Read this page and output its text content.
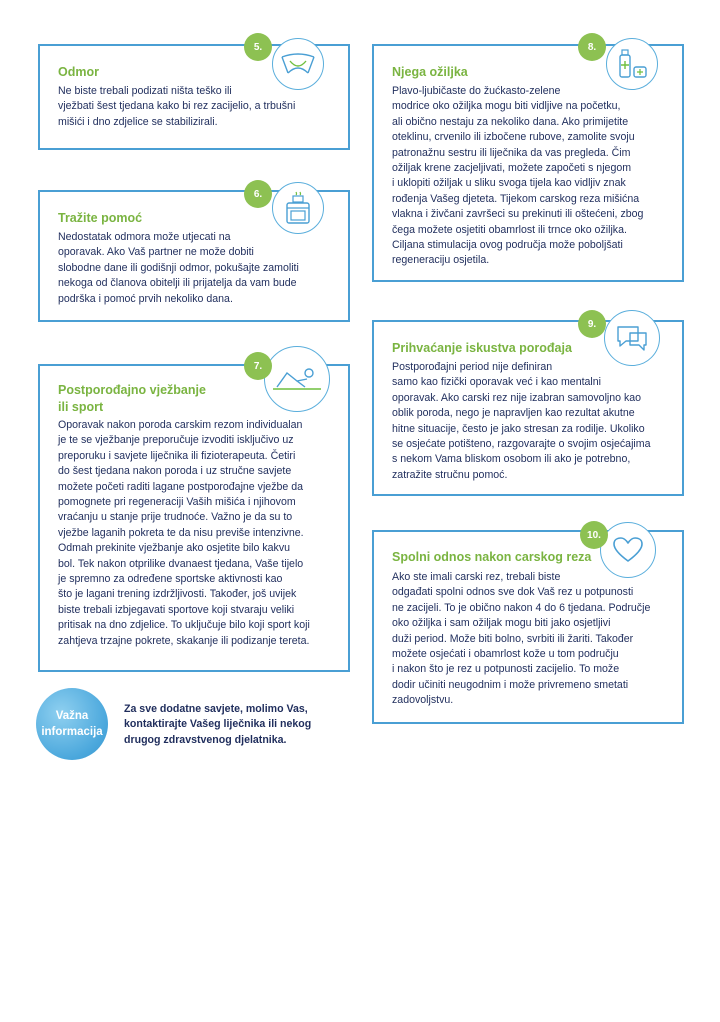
5.
Odmor

Ne biste trebali podizati ništa teško ili
vježbati šest tjedana kako bi rez zacijelio, a trbušni
mišići i dno zdjelice se stabilizirali.

6.
Tražite pomoć

Nedostatak odmora može utjecati na
oporavak. Ako Vaš partner ne može dobiti
slobodne dane ili godišnji odmor, pokušajte zamoliti
nekoga od članova obitelji ili prijatelja da vam bude
podrška i pomoć prvih nekoliko dana.

7.
Postporođajno vježbanje
ili sport

Oporavak nakon poroda carskim rezom individualan
je te se vježbanje preporučuje izvoditi isključivo uz
preporuku i savjete liječnika ili fizioterapeuta. Četiri
do šest tjedana nakon poroda i uz stručne savjete
možete početi raditi lagane postporođajne vježbe da
pomognete pri regeneraciji Vaših mišića i njihovom
vraćanju u stanje prije trudnoće. Važno je da su to
vježbe laganih pokreta te da nisu previše intenzivne.
Odmah prekinite vježbanje ako osjetite bilo kakvu
bol. Tek nakon otprilike dvanaest tjedana, Vaše tijelo
je spremno za određene sportske aktivnosti kao
što je lagani trening izdržljivosti. Također, još uvijek
biste trebali izbjegavati sportove koji stvaraju veliki
pritisak na dno zdjelice. To uključuje bilo koji sport koji
zahtjeva trzajne pokrete, skakanje ili podizanje tereta.

8.
Njega ožiljka

Plavo-ljubičaste do žućkasto-zelene
modrice oko ožiljka mogu biti vidljive na početku,
ali obično nestaju za nekoliko dana. Ako primijetite
oteklinu, crvenilo ili izbočene rubove, zamolite svoju
patronažnu sestru ili liječnika da vas pregleda. Čim
ožiljak krene zacjeljivati, možete započeti s njegom
i uklopiti ožiljak u sliku svoga tijela kao vidljiv znak
rođenja Vašeg djeteta. Tijekom carskog reza mišićna
vlakna i živčani završeci su prekinuti ili oštećeni, zbog
čega možete osjetiti obamrlost ili trnce oko ožiljka.
Ciljana stimulacija ovog područja može poboljšati
regeneraciju osjetila.

9.
Prihvaćanje iskustva porođaja

Postporođajni period nije definiran
samo kao fizički oporavak već i kao mentalni
oporavak. Ako carski rez nije izabran samovoljno kao
oblik poroda, nego je napravljen kao rezultat akutne
hitne situacije, često je jako stresan za rodilje. Ukoliko
se osjećate potišteno, razgovarajte o svojim osjećajima
s nekom Vama bliskom osobom ili ako je potrebno,
zatražite stručnu pomoć.

10.
Spolni odnos nakon carskog reza

Ako ste imali carski rez, trebali biste
odgađati spolni odnos sve dok Vaš rez u potpunosti
ne zacijeli. To je obično nakon 4 do 6 tjedana. Područje
oko ožiljka i sam ožiljak mogu biti jako osjetljivi
duži period. Može biti bolno, svrbiti ili žariti. Također
možete osjećati i obamrlost kože u tom području
i nakon što je rez u potpunosti zacijelio. To može
dodir učiniti neugodnim i može privremeno smetati
zadovoljstvu.

Važna
informacija

Za sve dodatne savjete, molimo Vas,
kontaktirajte Vašeg liječnika ili nekog
drugog zdravstvenog djelatnika.
